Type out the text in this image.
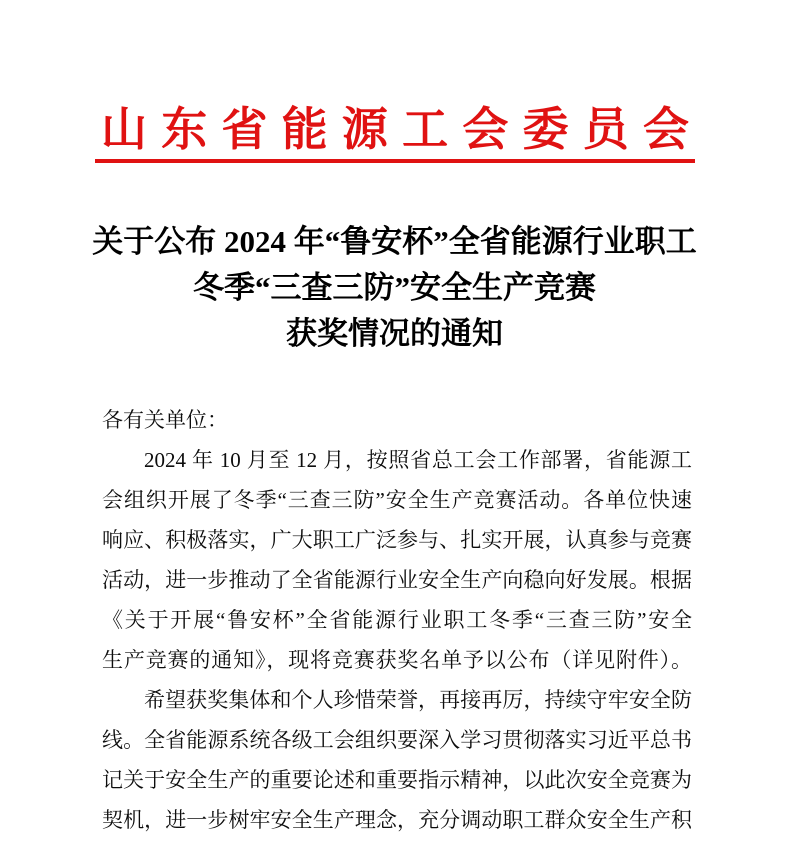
山东省能源工会委员会
关于公布 2024 年“鲁安杯”全省能源行业职工
冬季“三查三防”安全生产竞赛
获奖情况的通知
各有关单位：
2024 年 10 月至 12 月，按照省总工会工作部署，省能源工
会组织开展了冬季“三查三防”安全生产竞赛活动。各单位快速
响应、积极落实，广大职工广泛参与、扎实开展，认真参与竞赛
活动，进一步推动了全省能源行业安全生产向稳向好发展。根据
《关于开展“鲁安杯”全省能源行业职工冬季“三查三防”安全
生产竞赛的通知》，现将竞赛获奖名单予以公布（详见附件）。
希望获奖集体和个人珍惜荣誉，再接再厉，持续守牢安全防
线。全省能源系统各级工会组织要深入学习贯彻落实习近平总书
记关于安全生产的重要论述和重要指示精神，以此次安全竞赛为
契机，进一步树牢安全生产理念，充分调动职工群众安全生产积
